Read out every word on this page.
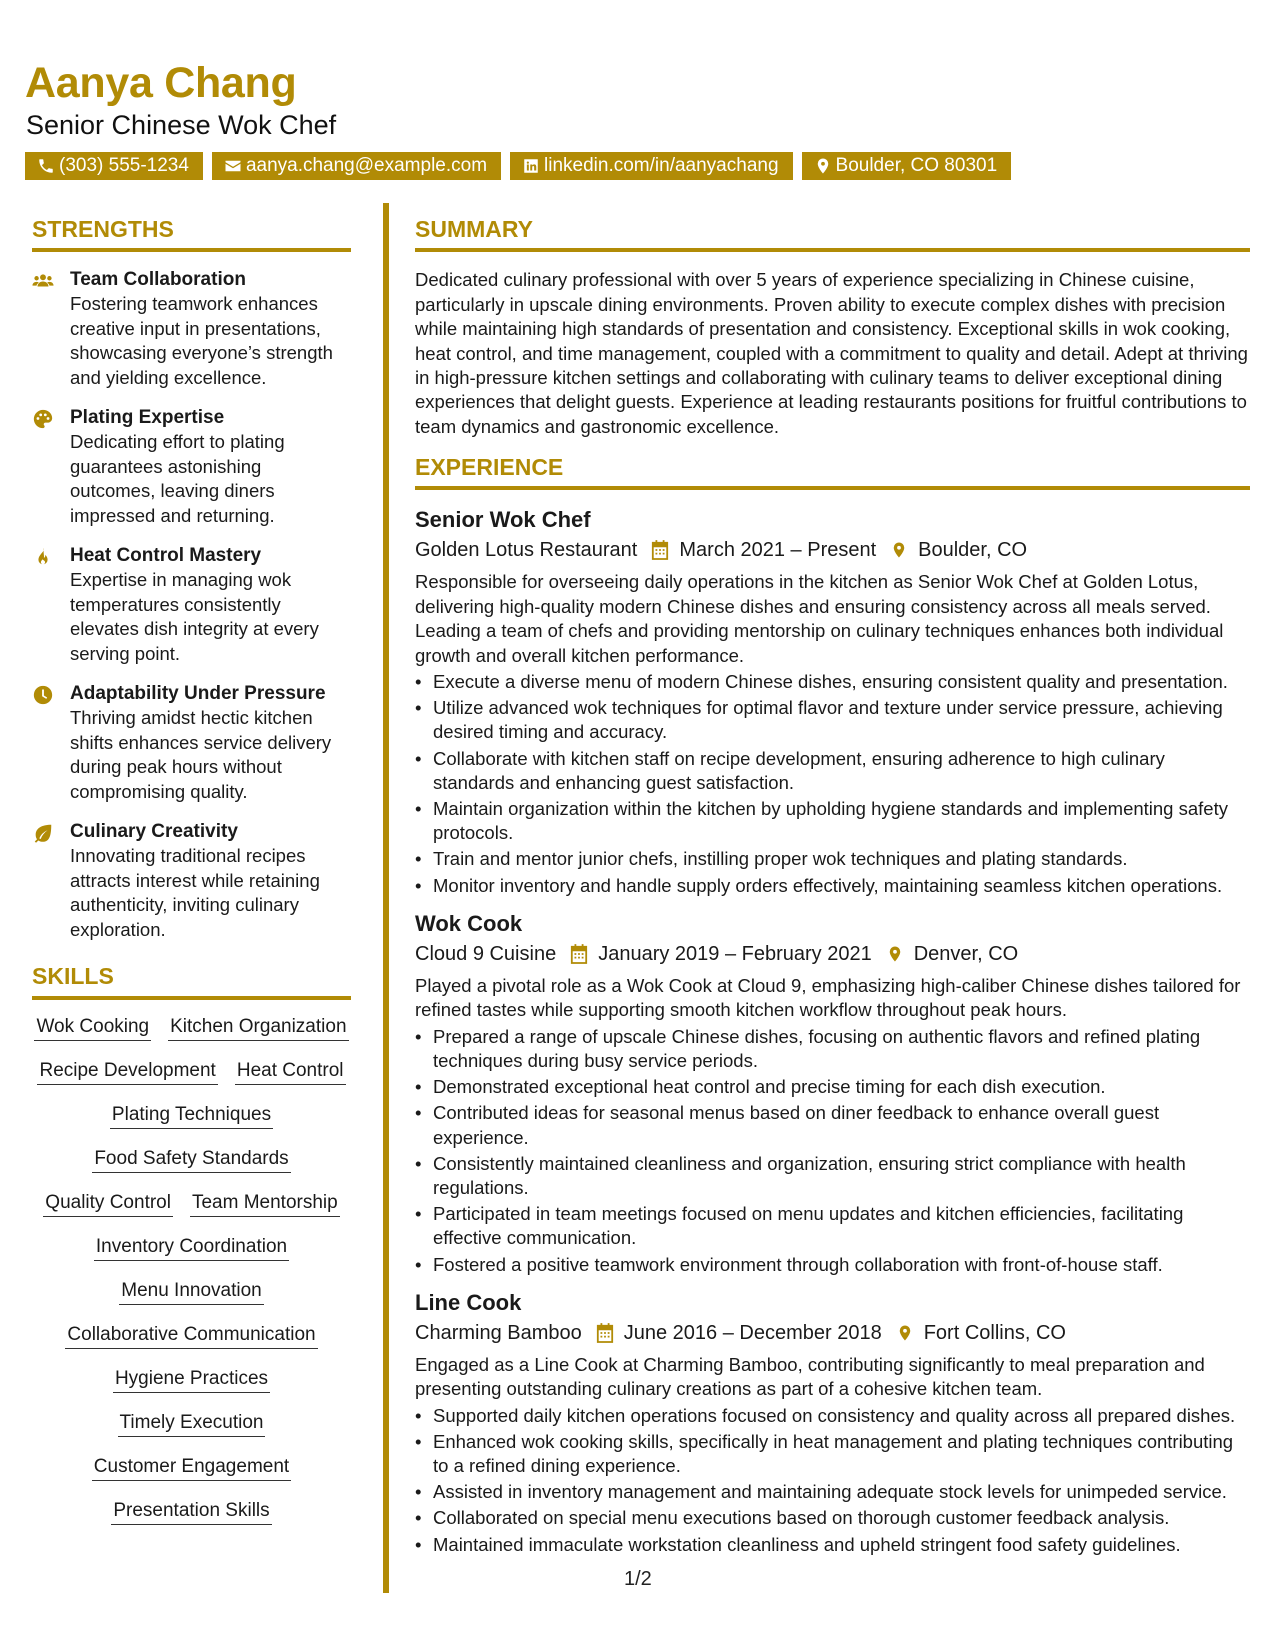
Aanya Chang
Senior Chinese Wok Chef
(303) 555-1234	aanya.chang@example.com	linkedin.com/in/aanyachang	Boulder, CO 80301
STRENGTHS
Team Collaboration
Fostering teamwork enhances creative input in presentations, showcasing everyone’s strength and yielding excellence.
Plating Expertise
Dedicating effort to plating guarantees astonishing outcomes, leaving diners impressed and returning.
Heat Control Mastery
Expertise in managing wok temperatures consistently elevates dish integrity at every serving point.
Adaptability Under Pressure
Thriving amidst hectic kitchen shifts enhances service delivery during peak hours without compromising quality.
Culinary Creativity
Innovating traditional recipes attracts interest while retaining authenticity, inviting culinary exploration.
SKILLS
Wok Cooking Kitchen Organization
Recipe Development Heat Control
Plating Techniques
Food Safety Standards
Quality Control Team Mentorship
Inventory Coordination
Menu Innovation
Collaborative Communication
Hygiene Practices
Timely Execution
Customer Engagement
Presentation Skills
SUMMARY
Dedicated culinary professional with over 5 years of experience specializing in Chinese cuisine, particularly in upscale dining environments. Proven ability to execute complex dishes with precision while maintaining high standards of presentation and consistency. Exceptional skills in wok cooking, heat control, and time management, coupled with a commitment to quality and detail. Adept at thriving in high-pressure kitchen settings and collaborating with culinary teams to deliver exceptional dining experiences that delight guests. Experience at leading restaurants positions for fruitful contributions to team dynamics and gastronomic excellence.
EXPERIENCE
Senior Wok Chef
Golden Lotus Restaurant March 2021 – Present Boulder, CO
Responsible for overseeing daily operations in the kitchen as Senior Wok Chef at Golden Lotus, delivering high-quality modern Chinese dishes and ensuring consistency across all meals served. Leading a team of chefs and providing mentorship on culinary techniques enhances both individual growth and overall kitchen performance.
• Execute a diverse menu of modern Chinese dishes, ensuring consistent quality and presentation.
• Utilize advanced wok techniques for optimal flavor and texture under service pressure, achieving desired timing and accuracy.
• Collaborate with kitchen staff on recipe development, ensuring adherence to high culinary standards and enhancing guest satisfaction.
• Maintain organization within the kitchen by upholding hygiene standards and implementing safety protocols.
• Train and mentor junior chefs, instilling proper wok techniques and plating standards.
• Monitor inventory and handle supply orders effectively, maintaining seamless kitchen operations.
Wok Cook
Cloud 9 Cuisine January 2019 – February 2021 Denver, CO
Played a pivotal role as a Wok Cook at Cloud 9, emphasizing high-caliber Chinese dishes tailored for refined tastes while supporting smooth kitchen workflow throughout peak hours.
• Prepared a range of upscale Chinese dishes, focusing on authentic flavors and refined plating techniques during busy service periods.
• Demonstrated exceptional heat control and precise timing for each dish execution.
• Contributed ideas for seasonal menus based on diner feedback to enhance overall guest experience.
• Consistently maintained cleanliness and organization, ensuring strict compliance with health regulations.
• Participated in team meetings focused on menu updates and kitchen efficiencies, facilitating effective communication.
• Fostered a positive teamwork environment through collaboration with front-of-house staff.
Line Cook
Charming Bamboo June 2016 – December 2018 Fort Collins, CO
Engaged as a Line Cook at Charming Bamboo, contributing significantly to meal preparation and presenting outstanding culinary creations as part of a cohesive kitchen team.
• Supported daily kitchen operations focused on consistency and quality across all prepared dishes.
• Enhanced wok cooking skills, specifically in heat management and plating techniques contributing to a refined dining experience.
• Assisted in inventory management and maintaining adequate stock levels for unimpeded service.
• Collaborated on special menu executions based on thorough customer feedback analysis.
• Maintained immaculate workstation cleanliness and upheld stringent food safety guidelines.
1/2
